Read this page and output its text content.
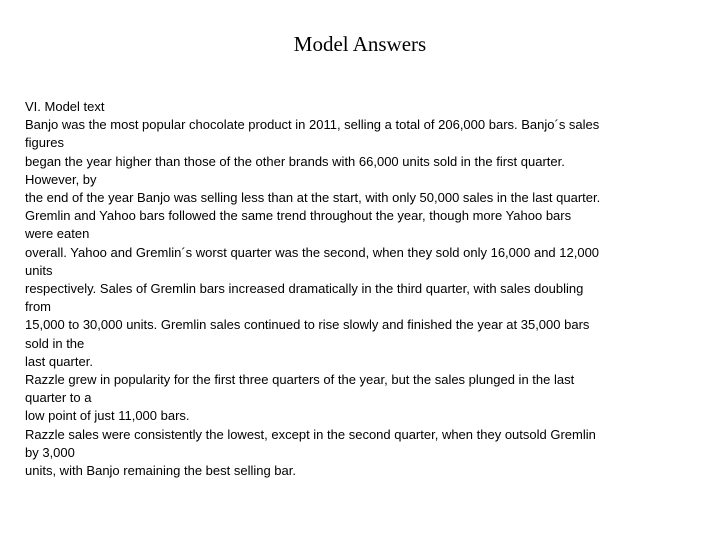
Model Answers
VI. Model text
Banjo was the most popular chocolate product in 2011, selling a total of 206,000 bars. Banjo´s sales
figures
began the year higher than those of the other brands with 66,000 units sold in the first quarter.
However, by
the end of the year Banjo was selling less than at the start, with only 50,000 sales in the last quarter.
Gremlin and Yahoo bars followed the same trend throughout the year, though more Yahoo bars
were eaten
overall. Yahoo and Gremlin´s worst quarter was the second, when they sold only 16,000 and 12,000
units
respectively. Sales of Gremlin bars increased dramatically in the third quarter, with sales doubling
from
15,000 to 30,000 units. Gremlin sales continued to rise slowly and finished the year at 35,000 bars
sold in the
last quarter.
Razzle grew in popularity for the first three quarters of the year, but the sales plunged in the last
quarter to a
low point of just 11,000 bars.
Razzle sales were consistently the lowest, except in the second quarter, when they outsold Gremlin
by 3,000
units, with Banjo remaining the best selling bar.
